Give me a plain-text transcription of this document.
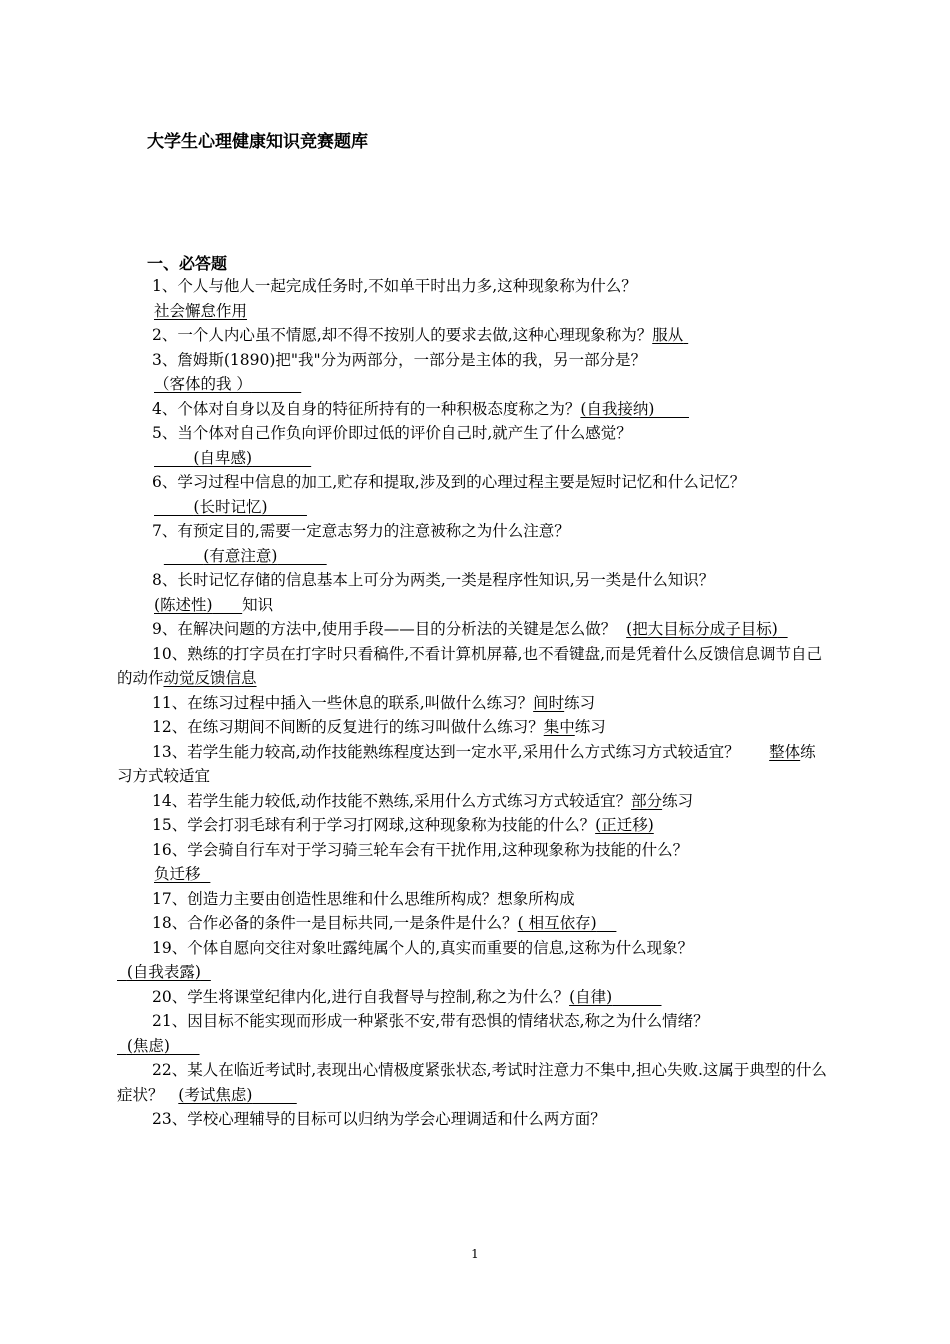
大学生心理健康知识竞赛题库
一、必答题

1、个人与他人一起完成任务时,不如单干时出力多,这种现象称为什么？

社会懈怠作用

2、一个人内心虽不情愿,却不得不按别人的要求去做,这种心理现象称为？服从

3、詹姆斯(1890)把"我"分为两部分，一部分是主体的我，另一部分是？

（客体的我 ）

4、个体对自身以及自身的特征所持有的一种积极态度称之为？(自我接纳)

5、当个体对自己作负向评价即过低的评价自己时,就产生了什么感觉？

(自卑感)

6、学习过程中信息的加工,贮存和提取,涉及到的心理过程主要是短时记忆和什么记忆？

(长时记忆)

7、有预定目的,需要一定意志努力的注意被称之为什么注意？

(有意注意)

8、长时记忆存储的信息基本上可分为两类,一类是程序性知识,另一类是什么知识？

(陈述性) 知识

9、在解决问题的方法中,使用手段——目的分析法的关键是怎么做？ (把大目标分成子目标)

10、熟练的打字员在打字时只看稿件,不看计算机屏幕,也不看键盘,而是凭着什么反馈信息调节自己的动作动觉反馈信息

11、在练习过程中插入一些休息的联系,叫做什么练习？间时练习

12、在练习期间不间断的反复进行的练习叫做什么练习？集中练习

13、若学生能力较高,动作技能熟练程度达到一定水平,采用什么方式练习方式较适宜？ 整体练习方式较适宜

14、若学生能力较低,动作技能不熟练,采用什么方式练习方式较适宜？部分练习

15、学会打羽毛球有利于学习打网球,这种现象称为技能的什么？(正迁移)

16、学会骑自行车对于学习骑三轮车会有干扰作用,这种现象称为技能的什么？

负迁移

17、创造力主要由创造性思维和什么思维所构成？想象所构成

18、合作必备的条件一是目标共同,一是条件是什么？( 相互依存)

19、个体自愿向交往对象吐露纯属个人的,真实而重要的信息,这称为什么现象？

(自我表露)

20、学生将课堂纪律内化,进行自我督导与控制,称之为什么？(自律)

21、因目标不能实现而形成一种紧张不安,带有恐惧的情绪状态,称之为什么情绪？

(焦虑)

22、某人在临近考试时,表现出心情极度紧张状态,考试时注意力不集中,担心失败.这属于典型的什么症状？ (考试焦虑)

23、学校心理辅导的目标可以归纳为学会心理调适和什么两方面？

1
